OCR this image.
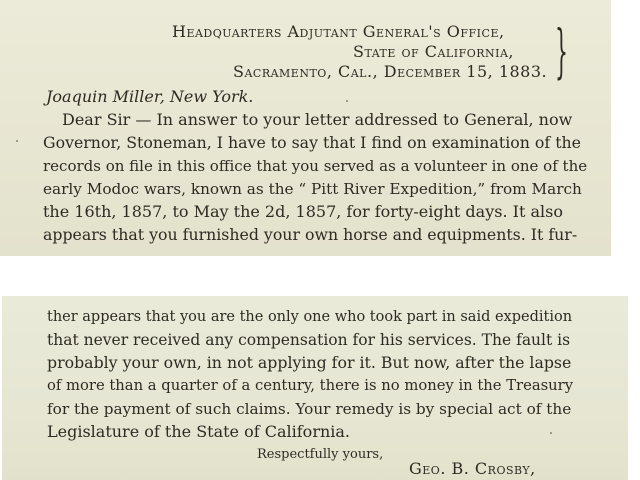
Headquarters Adjutant General's Office,
State of California,
Sacramento, Cal., December 15, 1883. }
Joaquin Miller, New York.
Dear Sir — In answer to your letter addressed to General, now
Governor, Stoneman, I have to say that I find on examination of the
records on file in this office that you served as a volunteer in one of the
early Modoc wars, known as the “ Pitt River Expedition,” from March
the 16th, 1857, to May the 2d, 1857, for forty-eight days. It also
appears that you furnished your own horse and equipments. It fur-
ther appears that you are the only one who took part in said expedition
that never received any compensation for his services. The fault is
probably your own, in not applying for it. But now, after the lapse
of more than a quarter of a century, there is no money in the Treasury
for the payment of such claims. Your remedy is by special act of the
Legislature of the State of California.
Respectfully yours,
Geo. B. Crosby,
